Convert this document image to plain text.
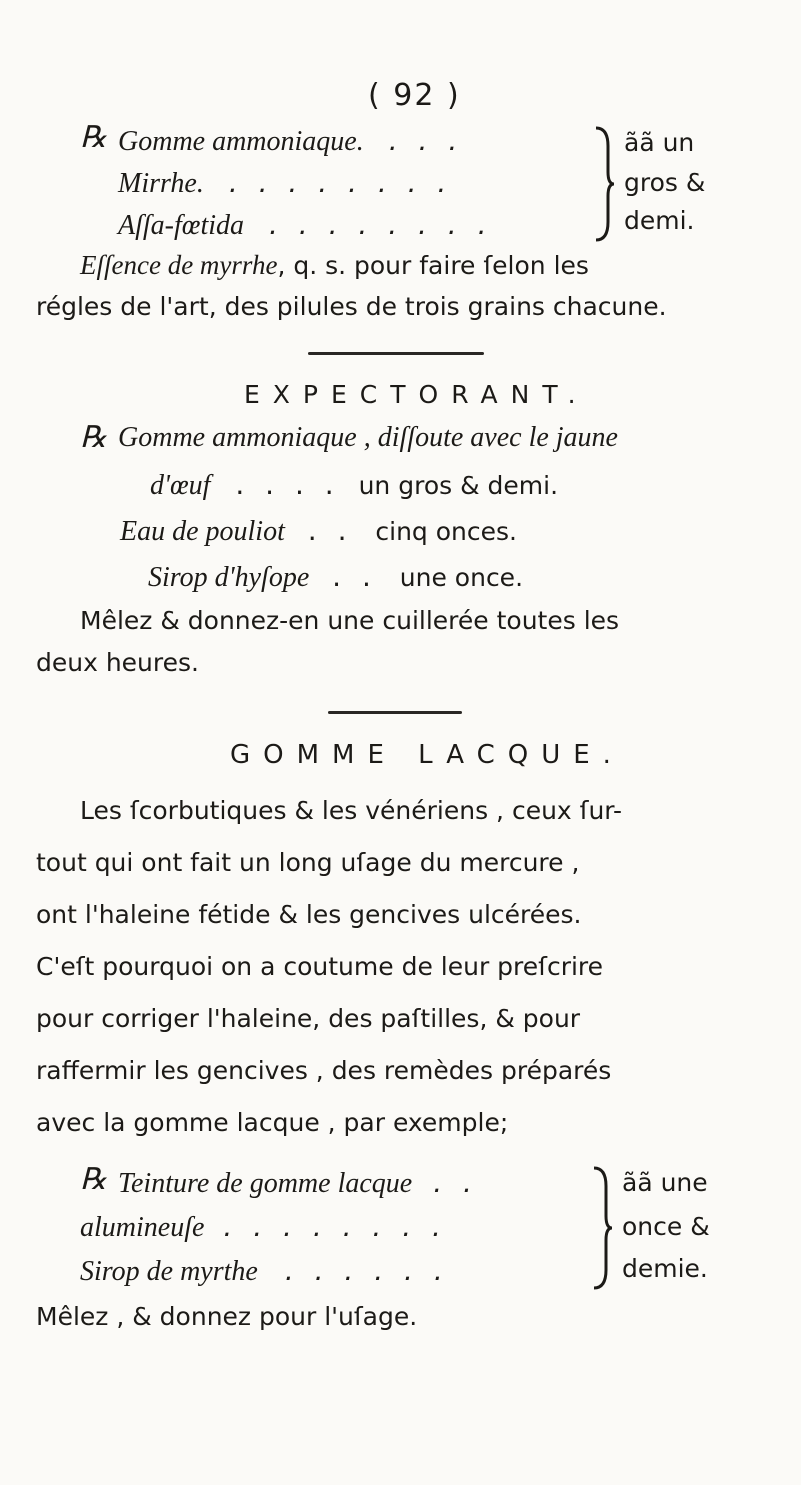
( 92 )
℞ Gomme ammoniaque. . . .
Mirrhe. . . . . . . . .
Aſſa-fœtida . . . . . . . .
ãã un
gros &
demi.
Eſſence de myrrhe, q. s. pour faire ſelon les
régles de l'art, des pilules de trois grains chacune.
EXPECTORANT.
℞ Gomme ammoniaque , diſſoute avec le jaune
d'œuf . . . . un gros & demi.
Eau de pouliot . . cinq onces.
Sirop d'hyſope . . une once.
Mêlez & donnez-en une cuillerée toutes les
deux heures.
GOMME LACQUE.
Les ſcorbutiques & les vénériens , ceux ſur-
tout qui ont fait un long uſage du mercure ,
ont l'haleine fétide & les gencives ulcérées.
C'eſt pourquoi on a coutume de leur preſcrire
pour corriger l'haleine, des paſtilles, & pour
raffermir les gencives , des remèdes préparés
avec la gomme lacque , par exemple;
℞ Teinture de gomme lacque . .
alumineuſe . . . . . . . .
Sirop de myrthe . . . . . .
ãã une
once &
demie.
Mêlez , & donnez pour l'uſage.
